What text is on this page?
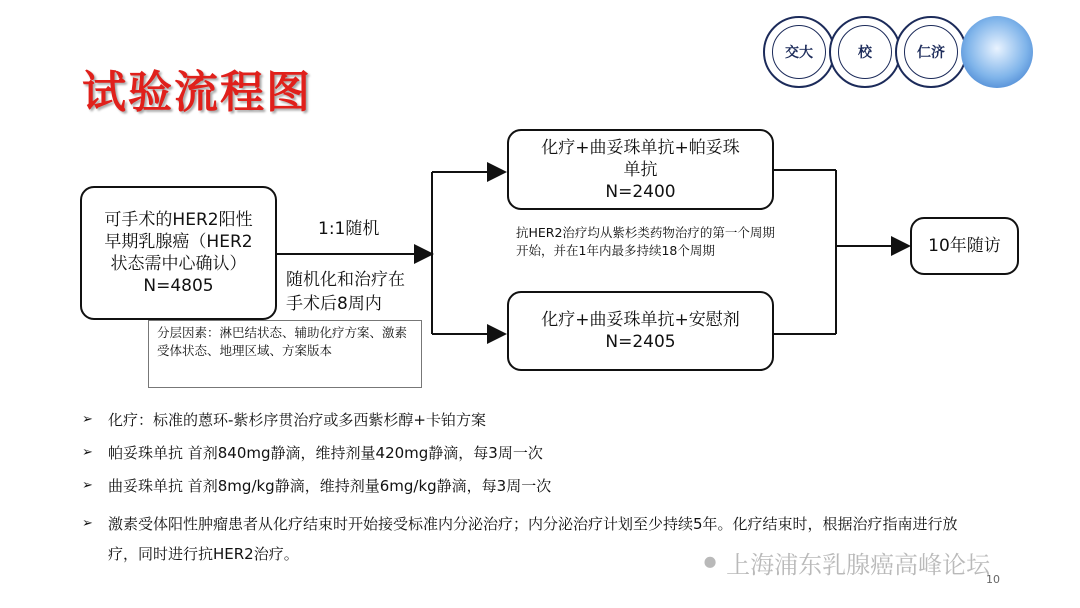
试验流程图
交大	校	仁济
可手术的HER2阳性
早期乳腺癌（HER2
状态需中心确认）
N=4805
1:1随机
随机化和治疗在
手术后8周内
分层因素：淋巴结状态、辅助化疗方案、激素受体状态、地理区域、方案版本
化疗+曲妥珠单抗+帕妥珠
单抗
N=2400
抗HER2治疗均从紫杉类药物治疗的第一个周期开始，并在1年内最多持续18个周期
化疗+曲妥珠单抗+安慰剂
N=2405
10年随访
➢ 化疗：标准的蒽环-紫杉序贯治疗或多西紫杉醇+卡铂方案
➢ 帕妥珠单抗 首剂840mg静滴，维持剂量420mg静滴，每3周一次
➢ 曲妥珠单抗 首剂8mg/kg静滴，维持剂量6mg/kg静滴，每3周一次
➢ 激素受体阳性肿瘤患者从化疗结束时开始接受标准内分泌治疗；内分泌治疗计划至少持续5年。化疗结束时，根据治疗指南进行放疗，同时进行抗HER2治疗。	⚫︎ 上海浦东乳腺癌高峰论坛
10
